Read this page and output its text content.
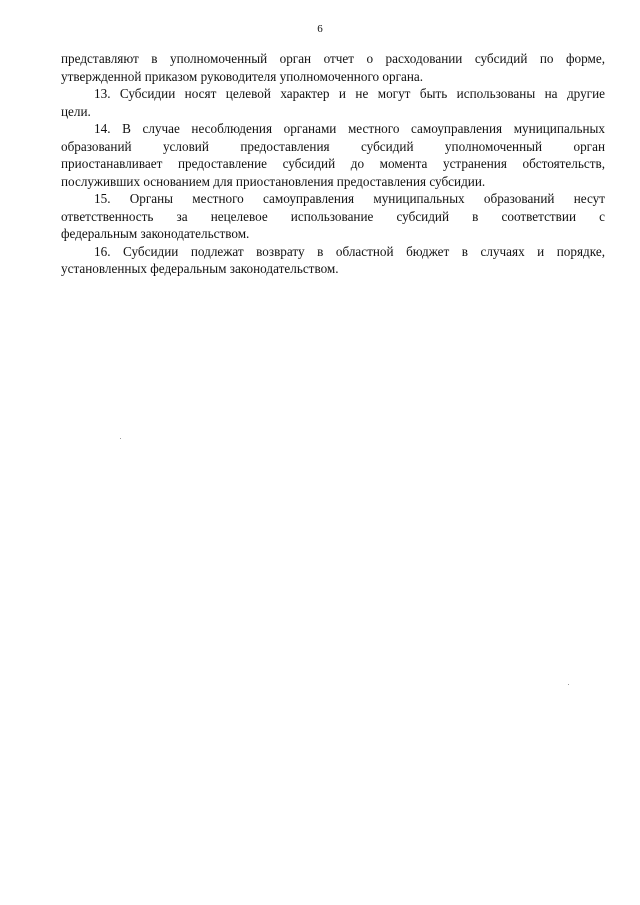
6

представляют в уполномоченный орган отчет о расходовании субсидий по форме,
утвержденной приказом руководителя уполномоченного органа.

13. Субсидии носят целевой характер и не могут быть использованы на другие
цели.

14. В случае несоблюдения органами местного самоуправления муниципальных
образований условий предоставления субсидий уполномоченный орган
приостанавливает предоставление субсидий до момента устранения обстоятельств,
послуживших основанием для приостановления предоставления субсидии.

15. Органы местного самоуправления муниципальных образований несут
ответственность за нецелевое использование субсидий в соответствии с
федеральным законодательством.

16. Субсидии подлежат возврату в областной бюджет в случаях и порядке,
установленных федеральным законодательством.
